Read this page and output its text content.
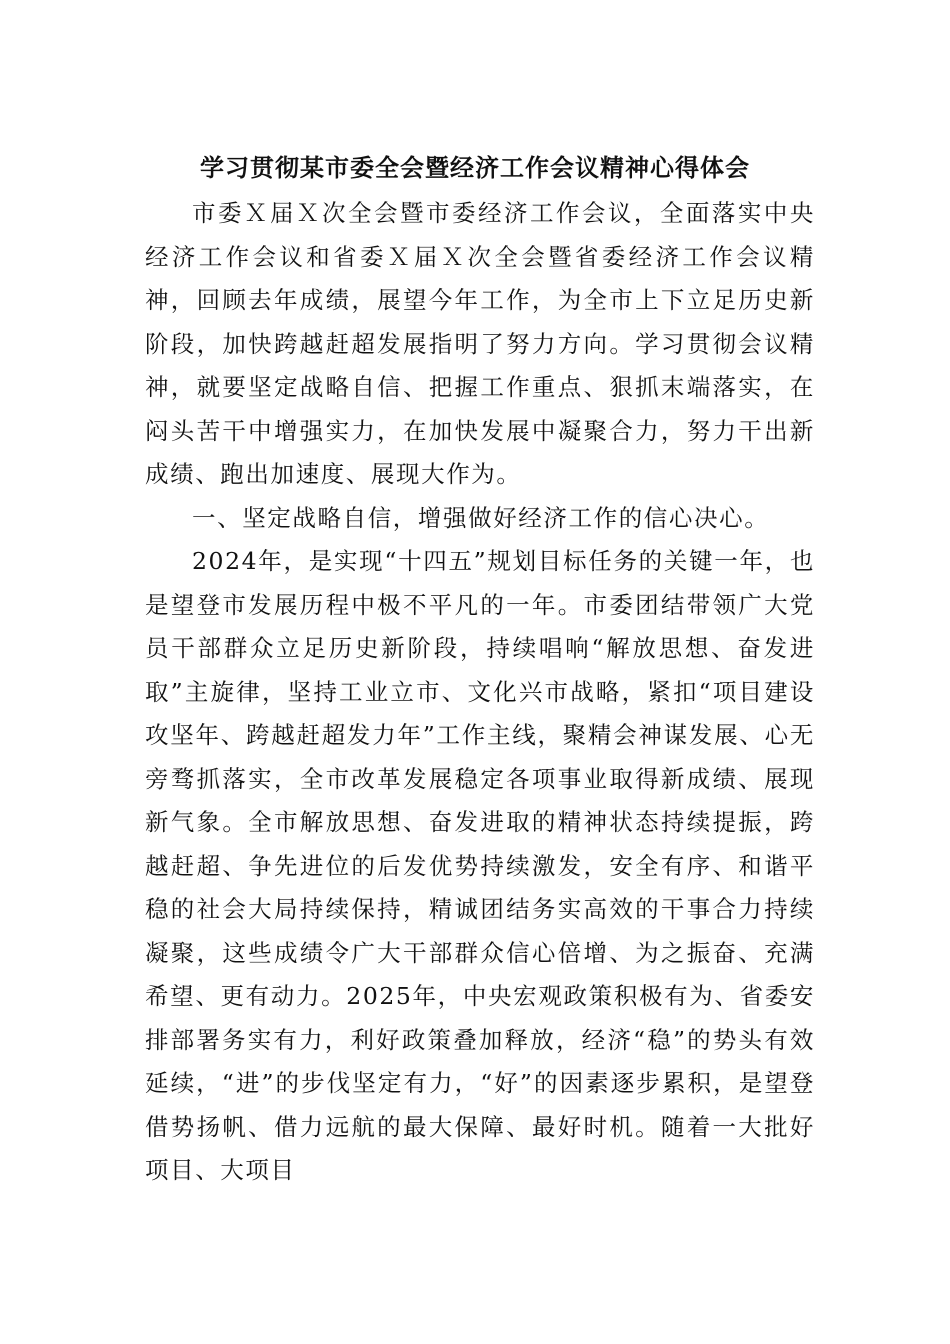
学习贯彻某市委全会暨经济工作会议精神心得体会

市委Ｘ届Ｘ次全会暨市委经济工作会议，全面落实中央经济工作会议和省委Ｘ届Ｘ次全会暨省委经济工作会议精神，回顾去年成绩，展望今年工作，为全市上下立足历史新阶段，加快跨越赶超发展指明了努力方向。学习贯彻会议精神，就要坚定战略自信、把握工作重点、狠抓末端落实，在闷头苦干中增强实力，在加快发展中凝聚合力，努力干出新成绩、跑出加速度、展现大作为。

一、坚定战略自信，增强做好经济工作的信心决心。

2024年，是实现“十四五”规划目标任务的关键一年，也是望登市发展历程中极不平凡的一年。市委团结带领广大党员干部群众立足历史新阶段，持续唱响“解放思想、奋发进取”主旋律，坚持工业立市、文化兴市战略，紧扣“项目建设攻坚年、跨越赶超发力年”工作主线，聚精会神谋发展、心无旁骛抓落实，全市改革发展稳定各项事业取得新成绩、展现新气象。全市解放思想、奋发进取的精神状态持续提振，跨越赶超、争先进位的后发优势持续激发，安全有序、和谐平稳的社会大局持续保持，精诚团结务实高效的干事合力持续凝聚，这些成绩令广大干部群众信心倍增、为之振奋、充满希望、更有动力。2025年，中央宏观政策积极有为、省委安排部署务实有力，利好政策叠加释放，经济“稳”的势头有效延续，“进”的步伐坚定有力，“好”的因素逐步累积，是望登借势扬帆、借力远航的最大保障、最好时机。随着一大批好项目、大项目
